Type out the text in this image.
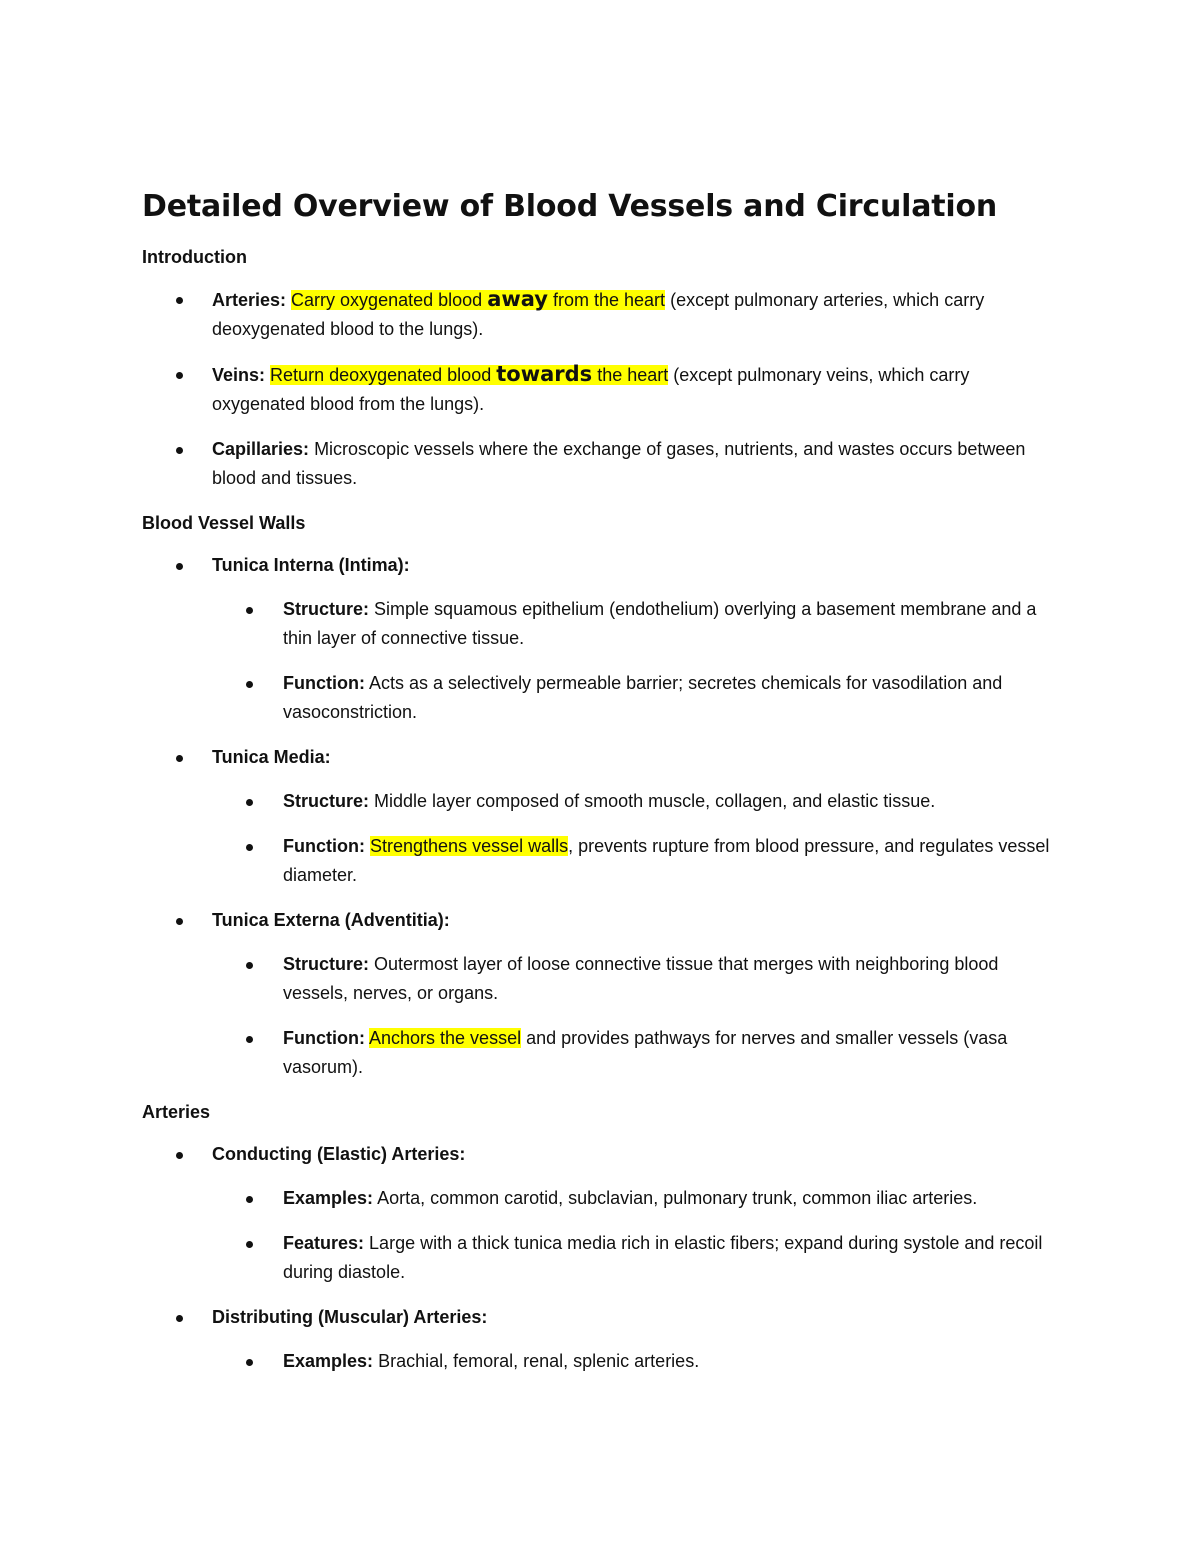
Detailed Overview of Blood Vessels and Circulation
Introduction
Arteries: Carry oxygenated blood away from the heart (except pulmonary arteries, which carry deoxygenated blood to the lungs).
Veins: Return deoxygenated blood towards the heart (except pulmonary veins, which carry oxygenated blood from the lungs).
Capillaries: Microscopic vessels where the exchange of gases, nutrients, and wastes occurs between blood and tissues.
Blood Vessel Walls
Tunica Interna (Intima):
Structure: Simple squamous epithelium (endothelium) overlying a basement membrane and a thin layer of connective tissue.
Function: Acts as a selectively permeable barrier; secretes chemicals for vasodilation and vasoconstriction.
Tunica Media:
Structure: Middle layer composed of smooth muscle, collagen, and elastic tissue.
Function: Strengthens vessel walls, prevents rupture from blood pressure, and regulates vessel diameter.
Tunica Externa (Adventitia):
Structure: Outermost layer of loose connective tissue that merges with neighboring blood vessels, nerves, or organs.
Function: Anchors the vessel and provides pathways for nerves and smaller vessels (vasa vasorum).
Arteries
Conducting (Elastic) Arteries:
Examples: Aorta, common carotid, subclavian, pulmonary trunk, common iliac arteries.
Features: Large with a thick tunica media rich in elastic fibers; expand during systole and recoil during diastole.
Distributing (Muscular) Arteries:
Examples: Brachial, femoral, renal, splenic arteries.
